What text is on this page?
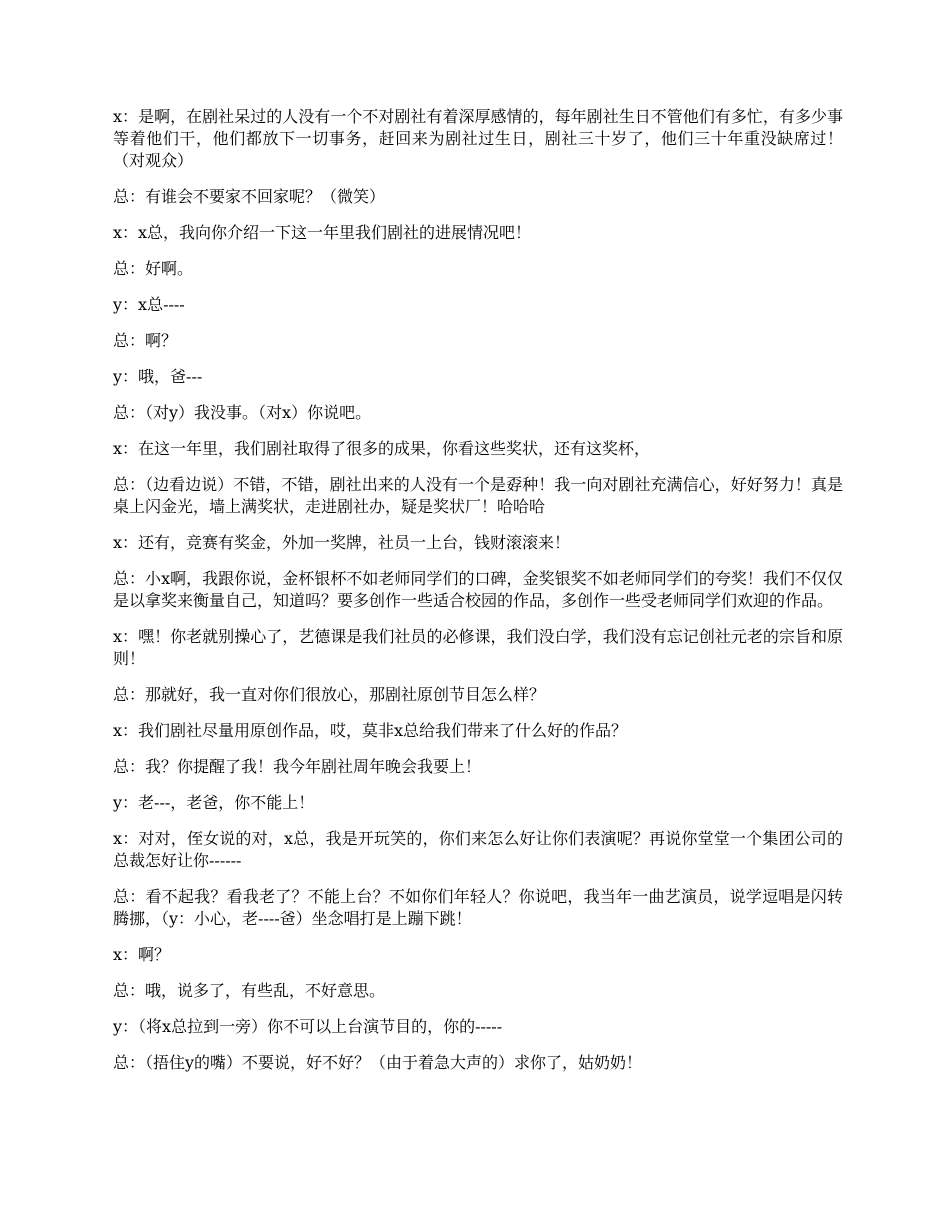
x：是啊，在剧社呆过的人没有一个不对剧社有着深厚感情的，每年剧社生日不管他们有多忙，有多少事等着他们干，他们都放下一切事务，赶回来为剧社过生日，剧社三十岁了，他们三十年重没缺席过！（对观众）

总：有谁会不要家不回家呢？（微笑）

x：x总，我向你介绍一下这一年里我们剧社的进展情况吧！

总：好啊。

y：x总----

总：啊？

y：哦，爸---

总：（对y）我没事。（对x）你说吧。

x：在这一年里，我们剧社取得了很多的成果，你看这些奖状，还有这奖杯，

总：（边看边说）不错，不错，剧社出来的人没有一个是孬种！我一向对剧社充满信心，好好努力！真是桌上闪金光，墙上满奖状，走进剧社办，疑是奖状厂！哈哈哈

x：还有，竞赛有奖金，外加一奖牌，社员一上台，钱财滚滚来！

总：小x啊，我跟你说，金杯银杯不如老师同学们的口碑，金奖银奖不如老师同学们的夸奖！我们不仅仅是以拿奖来衡量自己，知道吗？要多创作一些适合校园的作品，多创作一些受老师同学们欢迎的作品。

x：嘿！你老就别操心了，艺德课是我们社员的必修课，我们没白学，我们没有忘记创社元老的宗旨和原则！

总：那就好，我一直对你们很放心，那剧社原创节目怎么样？

x：我们剧社尽量用原创作品，哎，莫非x总给我们带来了什么好的作品？

总：我？你提醒了我！我今年剧社周年晚会我要上！

y：老---，老爸，你不能上！

x：对对，侄女说的对，x总，我是开玩笑的，你们来怎么好让你们表演呢？再说你堂堂一个集团公司的总裁怎好让你------

总：看不起我？看我老了？不能上台？不如你们年轻人？你说吧，我当年一曲艺演员，说学逗唱是闪转腾挪，（y：小心，老----爸）坐念唱打是上蹦下跳！

x：啊？

总：哦，说多了，有些乱，不好意思。

y：（将x总拉到一旁）你不可以上台演节目的，你的-----

总：（捂住y的嘴）不要说，好不好？（由于着急大声的）求你了，姑奶奶！
